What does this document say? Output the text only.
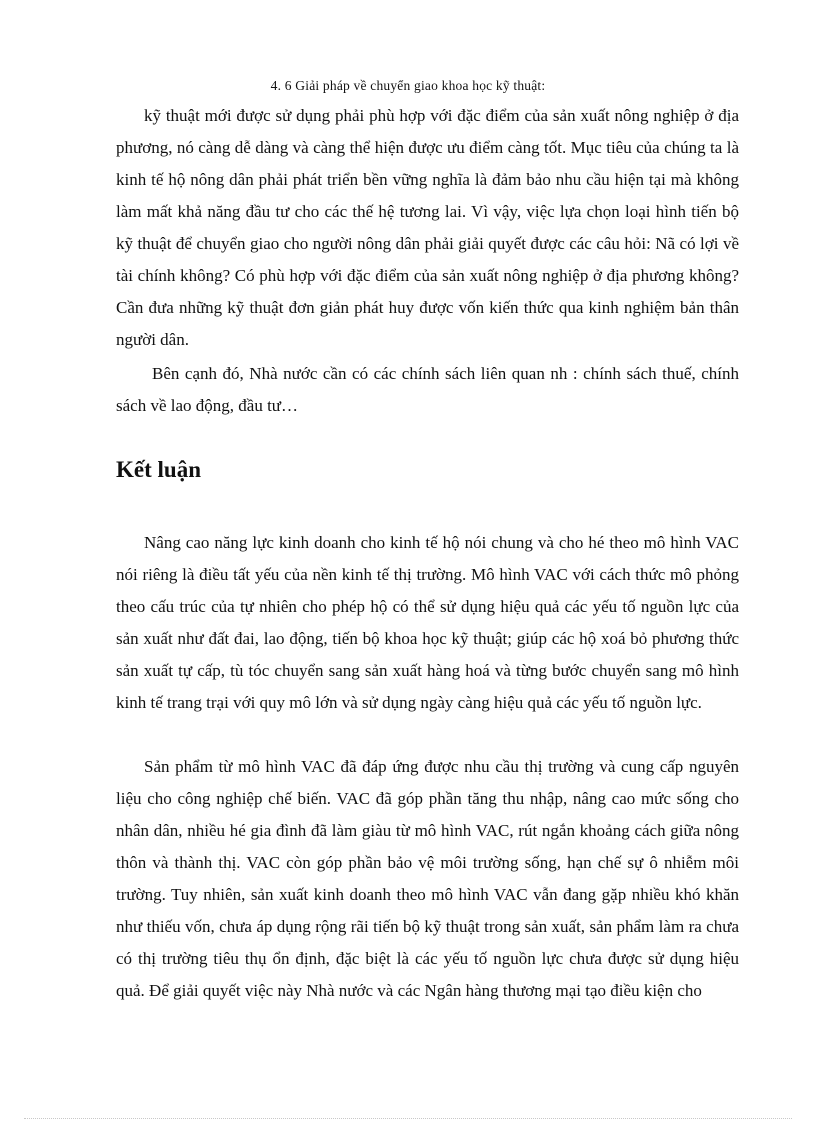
4. 6 Giải pháp về chuyển giao khoa học kỹ thuật:

kỹ thuật mới được sử dụng phải phù hợp với đặc điểm của sản xuất nông nghiệp ở địa phương, nó càng dễ dàng và càng thể hiện được ưu điểm càng tốt. Mục tiêu của chúng ta là kinh tế hộ nông dân phải phát triển bền vững nghĩa là đảm bảo nhu cầu hiện tại mà không làm mất khả năng đầu tư cho các thế hệ tương lai. Vì vậy, việc lựa chọn loại hình tiến bộ kỹ thuật để chuyển giao cho người nông dân phải giải quyết được các câu hỏi: Nã có lợi về tài chính không? Có phù hợp với đặc điểm của sản xuất nông nghiệp ở địa phương không? Cần đưa những kỹ thuật đơn giản phát huy được vốn kiến thức qua kinh nghiệm bản thân người dân.

Bên cạnh đó, Nhà nước cần có các chính sách liên quan nh : chính sách thuế, chính sách về lao động, đầu tư…

Kết luận

Nâng cao năng lực kinh doanh cho kinh tế hộ nói chung và cho hé theo mô hình VAC nói riêng là điều tất yếu của nền kinh tế thị trường. Mô hình VAC với cách thức mô phỏng theo cấu trúc của tự nhiên cho phép hộ có thể sử dụng hiệu quả các yếu tố nguồn lực của sản xuất như đất đai, lao động, tiến bộ khoa học kỹ thuật; giúp các hộ xoá bỏ phương thức sản xuất tự cấp, tù tóc chuyển sang sản xuất hàng hoá và từng bước chuyển sang mô hình kinh tế trang trại với quy mô lớn và sử dụng ngày càng hiệu quả các yếu tố nguồn lực.

Sản phẩm từ mô hình VAC đã đáp ứng được nhu cầu thị trường và cung cấp nguyên liệu cho công nghiệp chế biến. VAC đã góp phần tăng thu nhập, nâng cao mức sống cho nhân dân, nhiều hé gia đình đã làm giàu từ mô hình VAC, rút ngắn khoảng cách giữa nông thôn và thành thị. VAC còn góp phần bảo vệ môi trường sống, hạn chế sự ô nhiễm môi trường. Tuy nhiên, sản xuất kinh doanh theo mô hình VAC vẫn đang gặp nhiều khó khăn như thiếu vốn, chưa áp dụng rộng rãi tiến bộ kỹ thuật trong sản xuất, sản phẩm làm ra chưa có thị trường tiêu thụ ổn định, đặc biệt là các yếu tố nguồn lực chưa được sử dụng hiệu quả. Để giải quyết việc này Nhà nước và các Ngân hàng thương mại tạo điều kiện cho
